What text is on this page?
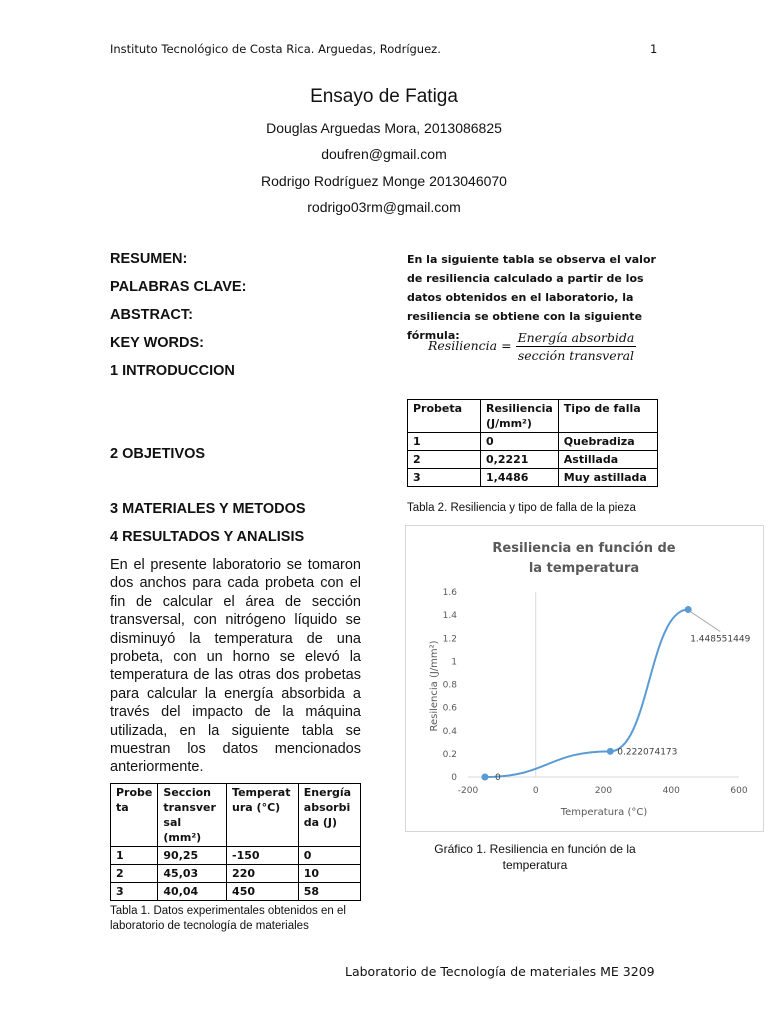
Instituto Tecnológico de Costa Rica. Arguedas, Rodríguez.	1
Ensayo de Fatiga
Douglas Arguedas Mora, 2013086825
doufren@gmail.com
Rodrigo Rodríguez Monge 2013046070
rodrigo03rm@gmail.com
RESUMEN:
PALABRAS CLAVE:
ABSTRACT:
KEY WORDS:
1 INTRODUCCION
2 OBJETIVOS
3 MATERIALES Y METODOS
4 RESULTADOS Y ANALISIS
En el presente laboratorio se tomaron dos anchos para cada probeta con el fin de calcular el área de sección transversal, con nitrógeno líquido se disminuyó la temperatura de una probeta, con un horno se elevó la temperatura de las otras dos probetas para calcular la energía absorbida a través del impacto de la máquina utilizada, en la siguiente tabla se muestran los datos mencionados anteriormente.
Probe ta	Seccion transver sal (mm²)	Temperat ura (°C)	Energía absorbi da (J)
1	90,25	-150	0
2	45,03	220	10
3	40,04	450	58
Tabla 1. Datos experimentales obtenidos en el laboratorio de tecnología de materiales
En la siguiente tabla se observa el valor de resiliencia calculado a partir de los datos obtenidos en el laboratorio, la resiliencia se obtiene con la siguiente fórmula:
Resiliencia = $\frac{\text{Energía absorbida}}{\text{sección transveral}}$
Probeta	Resiliencia (J/mm²)	Tipo de falla
1	0	Quebradiza
2	0,2221	Astillada
3	1,4486	Muy astillada
Tabla 2. Resiliencia y tipo de falla de la pieza
Resiliencia en función de
la temperatura
-200	0	200	400	600
0
0.2
0.4
0.6
0.8
1
1.2
1.4
1.6
0
0.222074173
1.448551449
Temperatura (°C)
Resilencia (J/mm²)
Gráfico 1. Resiliencia en función de la temperatura
Laboratorio de Tecnología de materiales ME 3209
